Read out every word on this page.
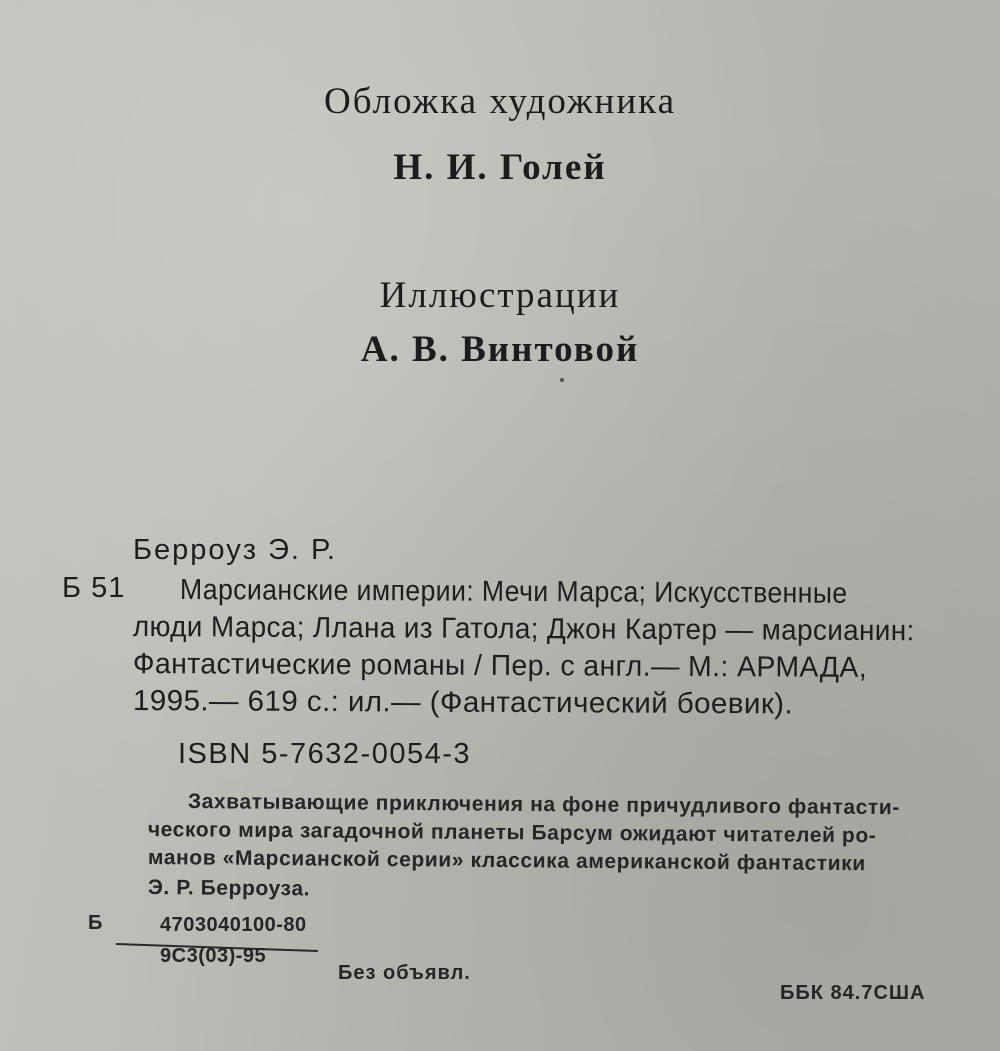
Обложка художника
Н. И. Голей
Иллюстрации
А. В. Винтовой
Берроуз Э. Р.
Б 51 Марсианские империи: Мечи Марса; Искусственные
люди Марса; Ллана из Гатола; Джон Картер — марсианин:
Фантастические романы / Пер. с англ.— М.: АРМАДА,
1995.— 619 с.: ил.— (Фантастический боевик).
ISBN 5-7632-0054-3
Захватывающие приключения на фоне причудливого фантасти-
ческого мира загадочной планеты Барсум ожидают читателей ро-
манов «Марсианской серии» классика американской фантастики
Э. Р. Берроуза.
Б	4703040100-80
9С3(03)-95
Без объявл.
ББК 84.7США
